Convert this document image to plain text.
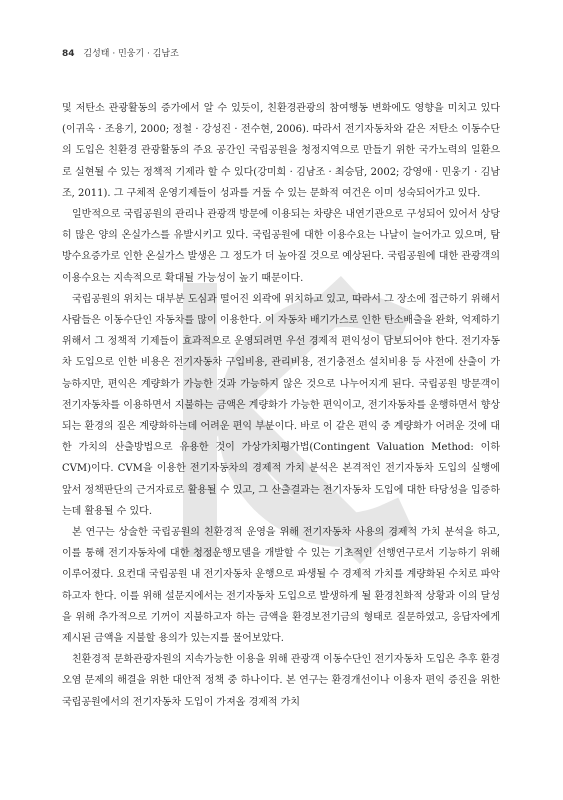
84 김성태 · 민웅기 · 김남조

및 저탄소 관광활동의 증가에서 알 수 있듯이, 친환경관광의 참여행동 변화에도 영향을 미치고 있다(이귀옥 · 조용기, 2000; 정철 · 강성진 · 전수현, 2006). 따라서 전기자동차와 같은 저탄소 이동수단의 도입은 친환경 관광활동의 주요 공간인 국립공원을 청정지역으로 만들기 위한 국가노력의 일환으로 실현될 수 있는 정책적 기제라 할 수 있다(강미희 · 김남조 · 최승담, 2002; 강영애 · 민웅기 · 김남조, 2011). 그 구체적 운영기제들이 성과를 거둘 수 있는 문화적 여건은 이미 성숙되어가고 있다.

일반적으로 국립공원의 관리나 관광객 방문에 이용되는 차량은 내연기관으로 구성되어 있어서 상당히 많은 양의 온실가스를 유발시키고 있다. 국립공원에 대한 이용수요는 나날이 늘어가고 있으며, 탐방수요증가로 인한 온실가스 발생은 그 정도가 더 높아질 것으로 예상된다. 국립공원에 대한 관광객의 이용수요는 지속적으로 확대될 가능성이 높기 때문이다.

국립공원의 위치는 대부분 도심과 떨어진 외곽에 위치하고 있고, 따라서 그 장소에 접근하기 위해서 사람들은 이동수단인 자동차를 많이 이용한다. 이 자동차 배기가스로 인한 탄소배출을 완화, 억제하기 위해서 그 정책적 기제들이 효과적으로 운영되려면 우선 경제적 편익성이 담보되어야 한다. 전기자동차 도입으로 인한 비용은 전기자동차 구입비용, 관리비용, 전기충전소 설치비용 등 사전에 산출이 가능하지만, 편익은 계량화가 가능한 것과 가능하지 않은 것으로 나누어지게 된다. 국립공원 방문객이 전기자동차를 이용하면서 지불하는 금액은 계량화가 가능한 편익이고, 전기자동차를 운행하면서 향상되는 환경의 질은 계량화하는데 어려운 편익 부분이다. 바로 이 같은 편익 중 계량화가 어려운 것에 대한 가치의 산출방법으로 유용한 것이 가상가치평가법(Contingent Valuation Method: 이하 CVM)이다. CVM을 이용한 전기자동차의 경제적 가치 분석은 본격적인 전기자동차 도입의 실행에 앞서 정책판단의 근거자료로 활용될 수 있고, 그 산출결과는 전기자동차 도입에 대한 타당성을 입증하는데 활용될 수 있다.

본 연구는 상술한 국립공원의 친환경적 운영을 위해 전기자동차 사용의 경제적 가치 분석을 하고, 이를 통해 전기자동차에 대한 청정운행모델을 개발할 수 있는 기초적인 선행연구로서 기능하기 위해 이루어졌다. 요컨대 국립공원 내 전기자동차 운행으로 파생될 수 경제적 가치를 계량화된 수치로 파악하고자 한다. 이를 위해 설문지에서는 전기자동차 도입으로 발생하게 될 환경친화적 상황과 이의 달성을 위해 추가적으로 기꺼이 지불하고자 하는 금액을 환경보전기금의 형태로 질문하였고, 응답자에게 제시된 금액을 지불할 용의가 있는지를 물어보았다.

친환경적 문화관광자원의 지속가능한 이용을 위해 관광객 이동수단인 전기자동차 도입은 추후 환경오염 문제의 해결을 위한 대안적 정책 중 하나이다. 본 연구는 환경개선이나 이용자 편익 증진을 위한 국립공원에서의 전기자동차 도입이 가져올 경제적 가치
